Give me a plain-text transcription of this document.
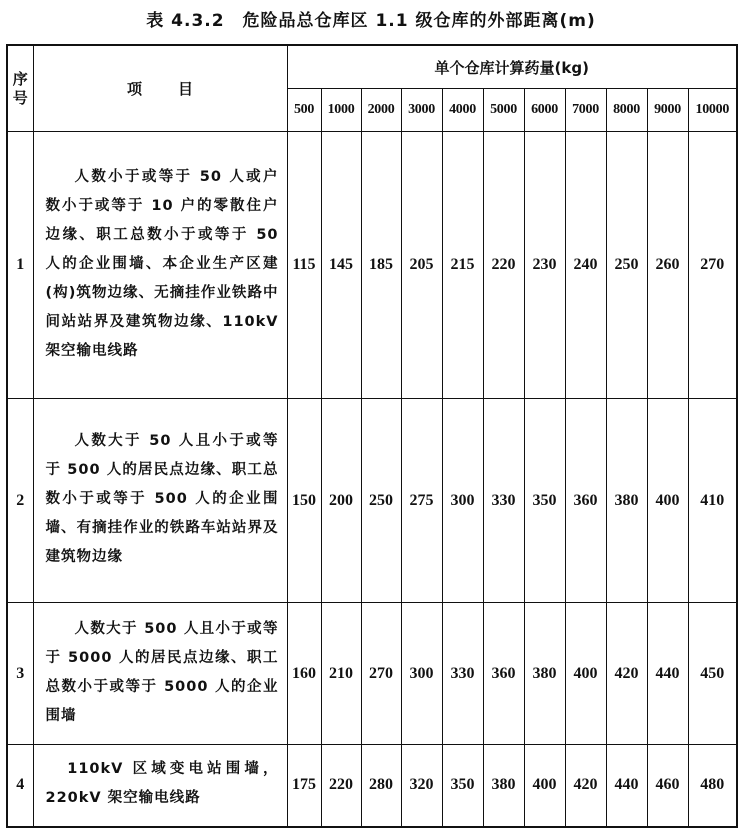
表 4.3.2　危险品总仓库区 1.1 级仓库的外部距离(m)
序号	项目	单个仓库计算药量(kg)										
		500	1000	2000	3000	4000	5000	6000	7000	8000	9000	10000
1	人数小于或等于 50 人或户数小于或等于 10 户的零散住户边缘、职工总数小于或等于 50 人的企业围墙、本企业生产区建(构)筑物边缘、无摘挂作业铁路中间站站界及建筑物边缘、110kV 架空输电线路	115	145	185	205	215	220	230	240	250	260	270
2	人数大于 50 人且小于或等于 500 人的居民点边缘、职工总数小于或等于 500 人的企业围墙、有摘挂作业的铁路车站站界及建筑物边缘	150	200	250	275	300	330	350	360	380	400	410
3	人数大于 500 人且小于或等于 5000 人的居民点边缘、职工总数小于或等于 5000 人的企业围墙	160	210	270	300	330	360	380	400	420	440	450
4	110kV 区域变电站围墙，220kV 架空输电线路	175	220	280	320	350	380	400	420	440	460	480
